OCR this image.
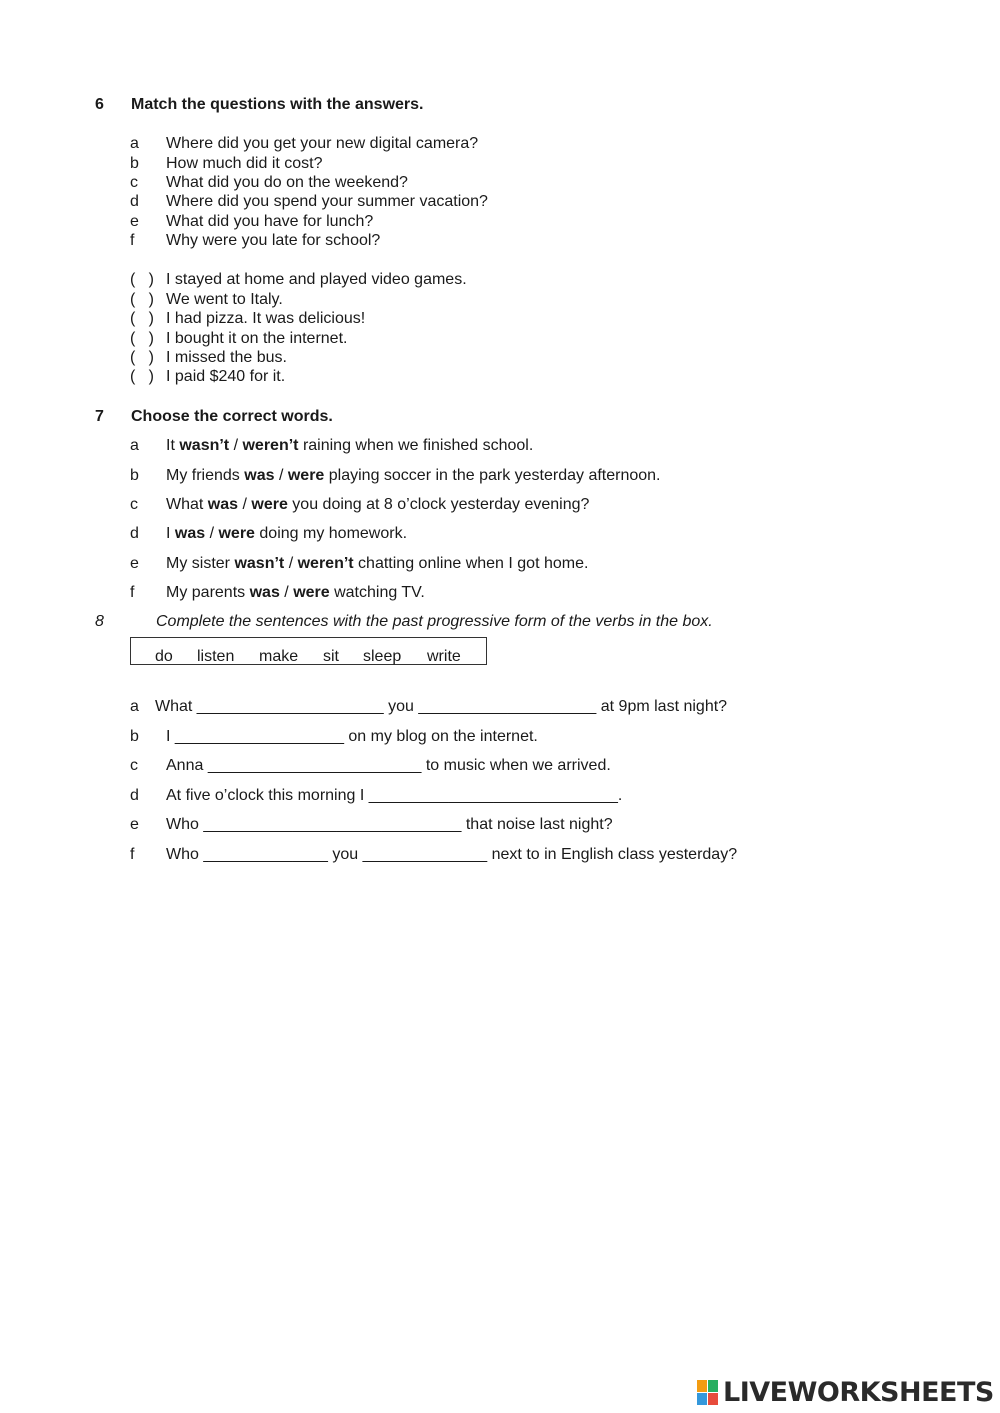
6 Match the questions with the answers.
a Where did you get your new digital camera?
b How much did it cost?
c What did you do on the weekend?
d Where did you spend your summer vacation?
e What did you have for lunch?
f Why were you late for school?
(   ) I stayed at home and played video games.
(   ) We went to Italy.
(   ) I had pizza. It was delicious!
(   ) I bought it on the internet.
(   ) I missed the bus.
(   ) I paid $240 for it.
7 Choose the correct words.
a It wasn’t / weren’t raining when we finished school.
b My friends was / were playing soccer in the park yesterday afternoon.
c What was / were you doing at 8 o’clock yesterday evening?
d I was / were doing my homework.
e My sister wasn’t / weren’t chatting online when I got home.
f My parents was / were watching TV.
8	Complete the sentences with the past progressive form of the verbs in the box.
do listen make sit sleep write
a What _____________________ you ____________________ at 9pm last night?
b I ___________________ on my blog on the internet.
c Anna ________________________ to music when we arrived.
d At five o’clock this morning I ____________________________.
e Who _____________________________ that noise last night?
f Who ______________ you ______________ next to in English class yesterday?
LIVEWORKSHEETS
